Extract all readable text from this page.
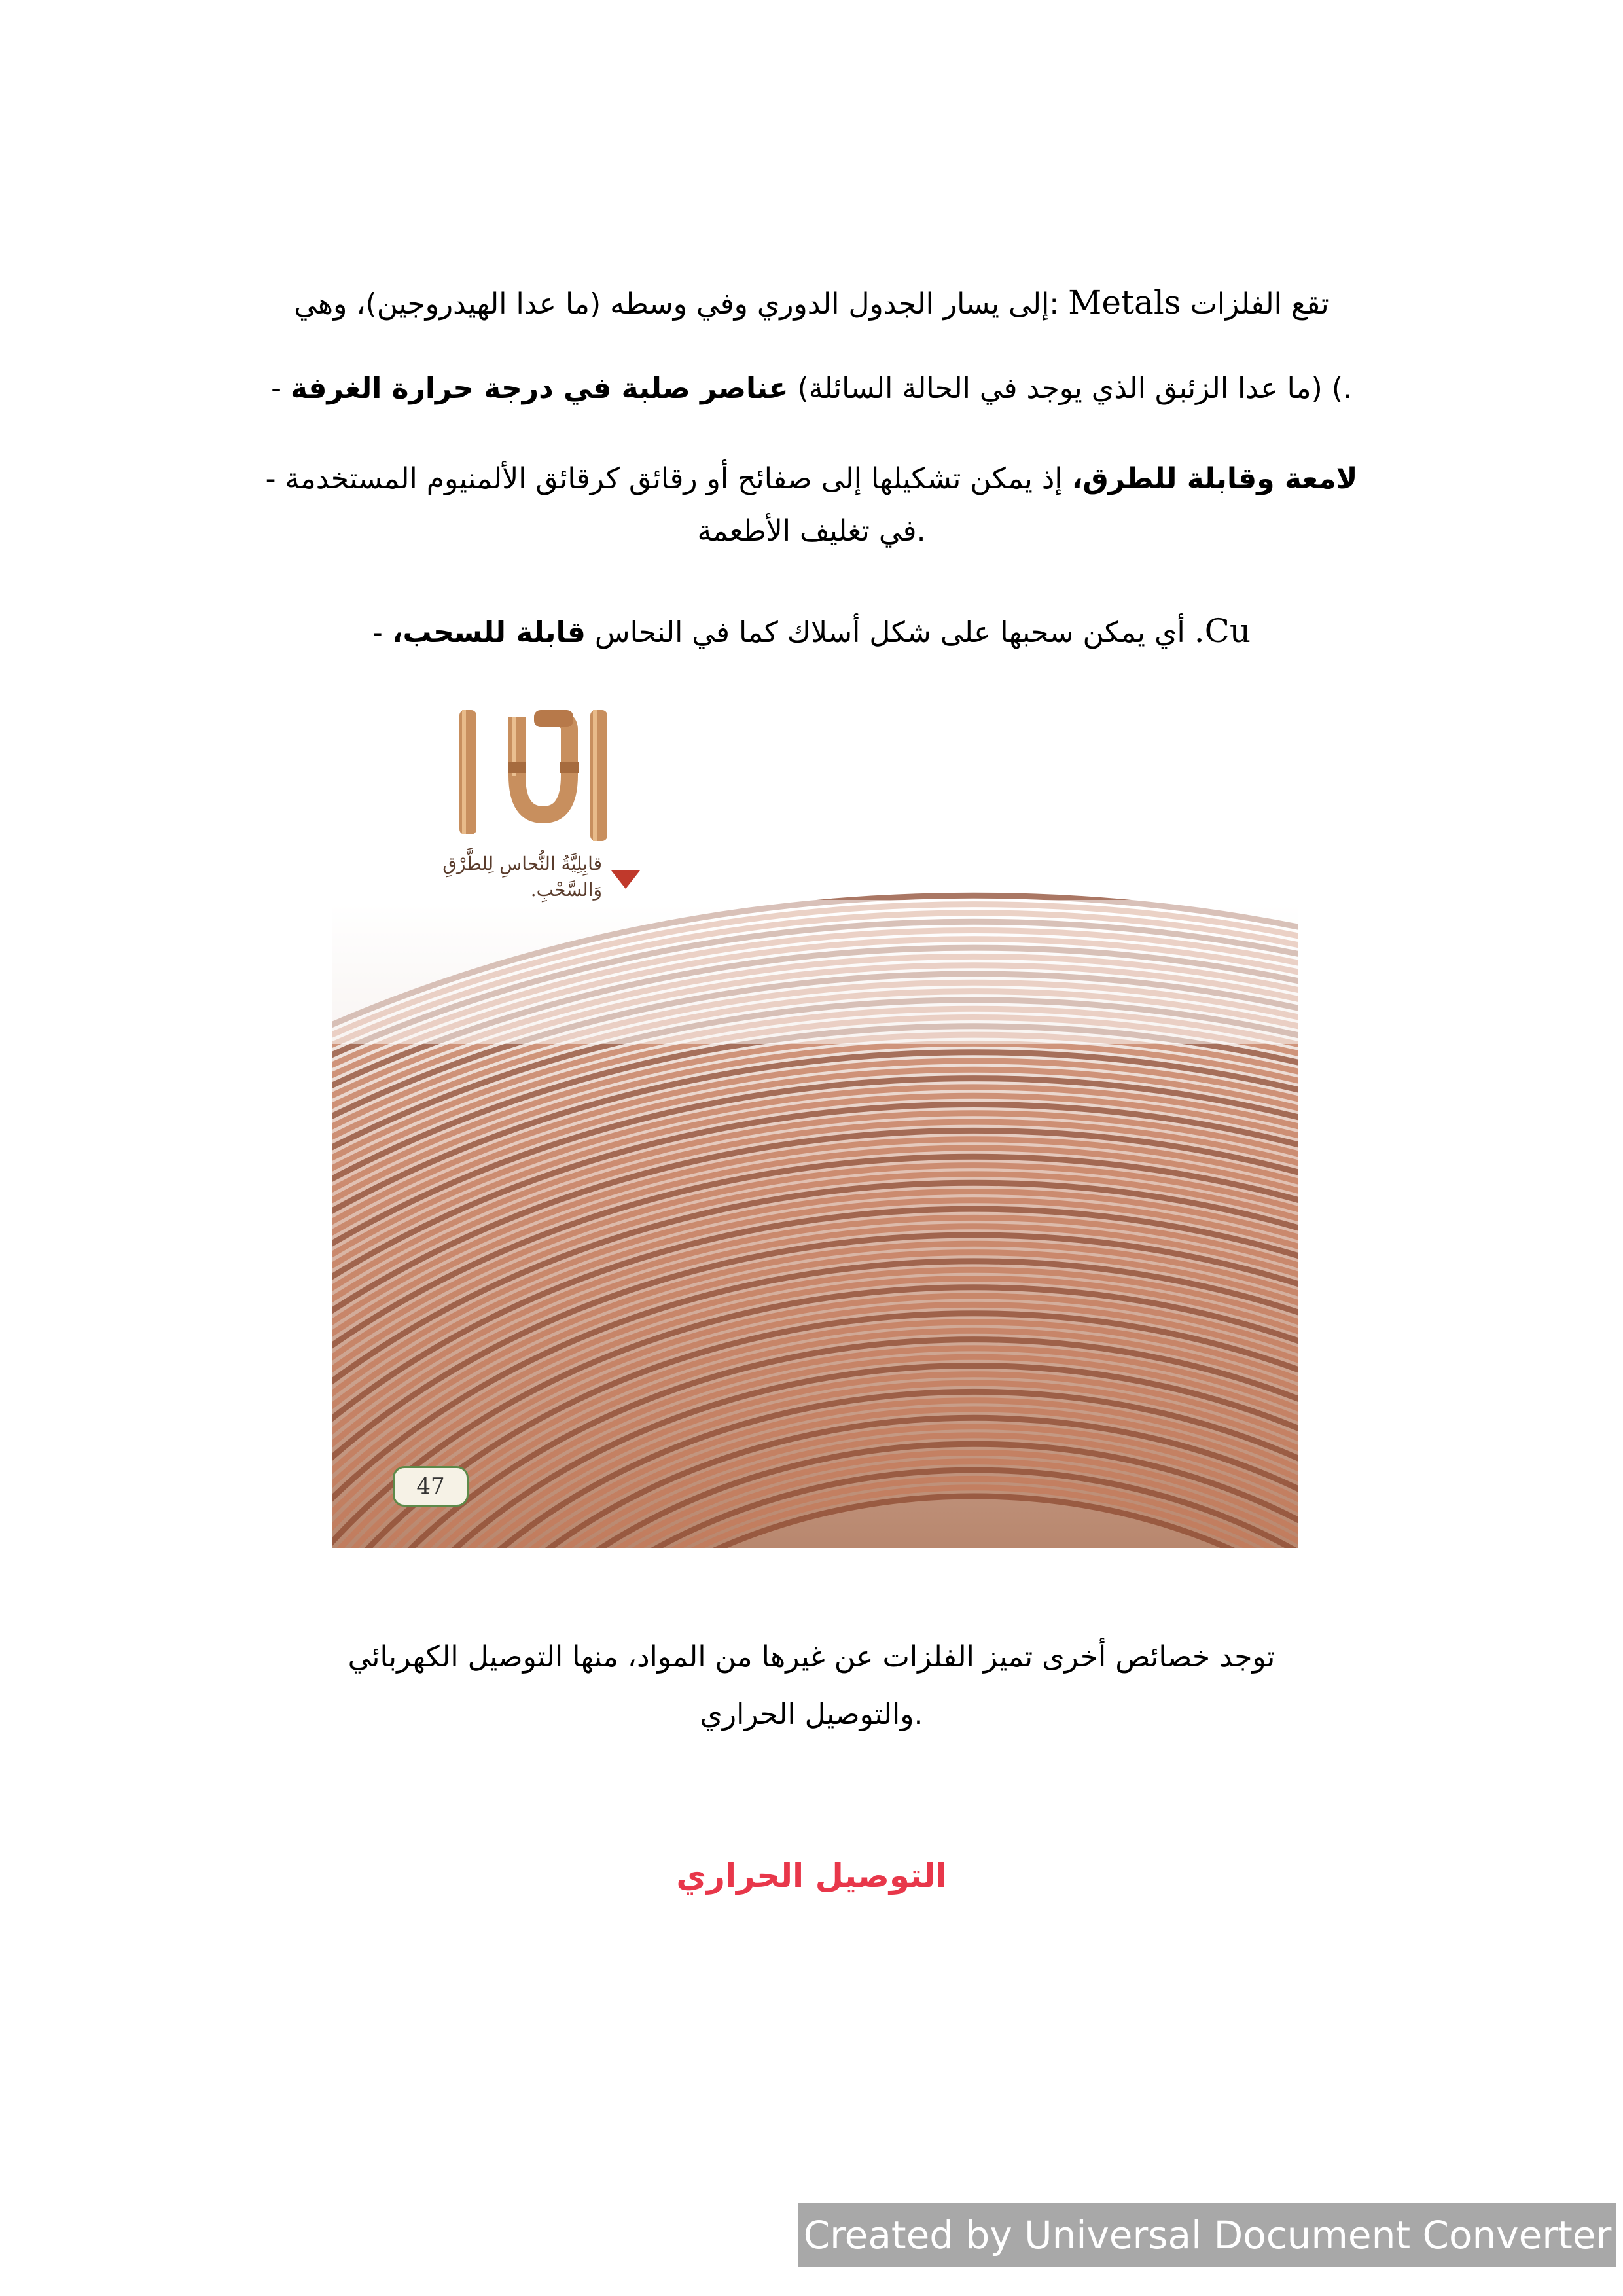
تقع الفلزات Metals :إلى يسار الجدول الدوري وفي وسطه (ما عدا الهيدروجين)، وهي
.) (ما عدا الزئبق الذي يوجد في الحالة السائلة) عناصر صلبة في درجة حرارة الغرفة -
لامعة وقابلة للطرق، إذ يمكن تشكيلها إلى صفائح أو رقائق كرقائق الألمنيوم المستخدمة -
.في تغليف الأطعمة
Cu. أي يمكن سحبها على شكل أسلاك كما في النحاس قابلة للسحب، -
قابِلِيَّةُ النُّحاسِ لِلطَّرْقِ
وَالسَّحْبِ.
47
توجد خصائص أخرى تميز الفلزات عن غيرها من المواد، منها التوصيل الكهربائي
.والتوصيل الحراري
التوصيل الحراري
Created by Universal Document Converter
